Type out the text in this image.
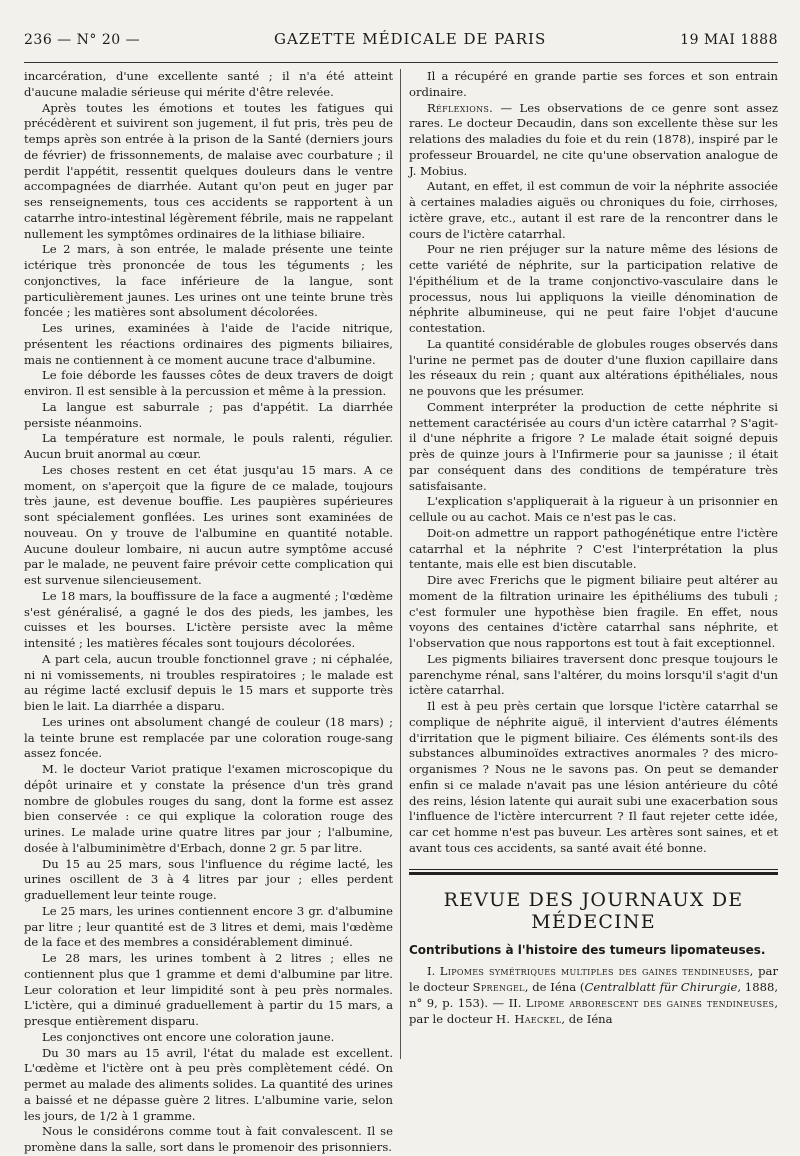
236 — N° 20 —	GAZETTE MÉDICALE DE PARIS	19 MAI 1888

incarcération, d'une excellente santé ; il n'a été atteint d'aucune maladie sérieuse qui mérite d'être relevée.

Après toutes les émotions et toutes les fatigues qui précédèrent et suivirent son jugement, il fut pris, très peu de temps après son entrée à la prison de la Santé (derniers jours de février) de frissonnements, de malaise avec courbature ; il perdit l'appétit, ressentit quelques douleurs dans le ventre accompagnées de diarrhée. Autant qu'on peut en juger par ses renseignements, tous ces accidents se rapportent à un catarrhe intro-intestinal légèrement fébrile, mais ne rappelant nullement les symptômes ordinaires de la lithiase biliaire.

Le 2 mars, à son entrée, le malade présente une teinte ictérique très prononcée de tous les téguments ; les conjonctives, la face inférieure de la langue, sont particulièrement jaunes. Les urines ont une teinte brune très foncée ; les matières sont absolument décolorées.

Les urines, examinées à l'aide de l'acide nitrique, présentent les réactions ordinaires des pigments biliaires, mais ne contiennent à ce moment aucune trace d'albumine.

Le foie déborde les fausses côtes de deux travers de doigt environ. Il est sensible à la percussion et même à la pression.

La langue est saburrale ; pas d'appétit. La diarrhée persiste néanmoins.

La température est normale, le pouls ralenti, régulier. Aucun bruit anormal au cœur.

Les choses restent en cet état jusqu'au 15 mars. A ce moment, on s'aperçoit que la figure de ce malade, toujours très jaune, est devenue bouffie. Les paupières supérieures sont spécialement gonflées. Les urines sont examinées de nouveau. On y trouve de l'albumine en quantité notable. Aucune douleur lombaire, ni aucun autre symptôme accusé par le malade, ne peuvent faire prévoir cette complication qui est survenue silencieusement.

Le 18 mars, la bouffissure de la face a augmenté ; l'œdème s'est généralisé, a gagné le dos des pieds, les jambes, les cuisses et les bourses. L'ictère persiste avec la même intensité ; les matières fécales sont toujours décolorées.

A part cela, aucun trouble fonctionnel grave ; ni céphalée, ni ni vomissements, ni troubles respiratoires ; le malade est au régime lacté exclusif depuis le 15 mars et supporte très bien le lait. La diarrhée a disparu.

Les urines ont absolument changé de couleur (18 mars) ; la teinte brune est remplacée par une coloration rouge-sang assez foncée.

M. le docteur Variot pratique l'examen microscopique du dépôt urinaire et y constate la présence d'un très grand nombre de globules rouges du sang, dont la forme est assez bien conservée : ce qui explique la coloration rouge des urines. Le malade urine quatre litres par jour ; l'albumine, dosée à l'albuminimètre d'Erbach, donne 2 gr. 5 par litre.

Du 15 au 25 mars, sous l'influence du régime lacté, les urines oscillent de 3 à 4 litres par jour ; elles perdent graduellement leur teinte rouge.

Le 25 mars, les urines contiennent encore 3 gr. d'albumine par litre ; leur quantité est de 3 litres et demi, mais l'œdème de la face et des membres a considérablement diminué.

Le 28 mars, les urines tombent à 2 litres ; elles ne contiennent plus que 1 gramme et demi d'albumine par litre. Leur coloration et leur limpidité sont à peu près normales. L'ictère, qui a diminué graduellement à partir du 15 mars, a presque entièrement disparu.

Les conjonctives ont encore une coloration jaune.

Du 30 mars au 15 avril, l'état du malade est excellent. L'œdème et l'ictère ont à peu près complètement cédé. On permet au malade des aliments solides. La quantité des urines a baissé et ne dépasse guère 2 litres. L'albumine varie, selon les jours, de 1/2 à 1 gramme.

Nous le considérons comme tout à fait convalescent. Il se promène dans la salle, sort dans le promenoir des prisonniers.

Il a récupéré en grande partie ses forces et son entrain ordinaire.

Réflexions. — Les observations de ce genre sont assez rares. Le docteur Decaudin, dans son excellente thèse sur les relations des maladies du foie et du rein (1878), inspiré par le professeur Brouardel, ne cite qu'une observation analogue de J. Mobius.

Autant, en effet, il est commun de voir la néphrite associée à certaines maladies aiguës ou chroniques du foie, cirrhoses, ictère grave, etc., autant il est rare de la rencontrer dans le cours de l'ictère catarrhal.

Pour ne rien préjuger sur la nature même des lésions de cette variété de néphrite, sur la participation relative de l'épithélium et de la trame conjonctivo-vasculaire dans le processus, nous lui appliquons la vieille dénomination de néphrite albumineuse, qui ne peut faire l'objet d'aucune contestation.

La quantité considérable de globules rouges observés dans l'urine ne permet pas de douter d'une fluxion capillaire dans les réseaux du rein ; quant aux altérations épithéliales, nous ne pouvons que les présumer.

Comment interpréter la production de cette néphrite si nettement caractérisée au cours d'un ictère catarrhal ? S'agit-il d'une néphrite a frigore ? Le malade était soigné depuis près de quinze jours à l'Infirmerie pour sa jaunisse ; il était par conséquent dans des conditions de température très satisfaisante.

L'explication s'appliquerait à la rigueur à un prisonnier en cellule ou au cachot. Mais ce n'est pas le cas.

Doit-on admettre un rapport pathogénétique entre l'ictère catarrhal et la néphrite ? C'est l'interprétation la plus tentante, mais elle est bien discutable.

Dire avec Frerichs que le pigment biliaire peut altérer au moment de la filtration urinaire les épithéliums des tubuli ; c'est formuler une hypothèse bien fragile. En effet, nous voyons des centaines d'ictère catarrhal sans néphrite, et l'observation que nous rapportons est tout à fait exceptionnel.

Les pigments biliaires traversent donc presque toujours le parenchyme rénal, sans l'altérer, du moins lorsqu'il s'agit d'un ictère catarrhal.

Il est à peu près certain que lorsque l'ictère catarrhal se complique de néphrite aiguë, il intervient d'autres éléments d'irritation que le pigment biliaire. Ces éléments sont-ils des substances albuminoïdes extractives anormales ? des micro-organismes ? Nous ne le savons pas. On peut se demander enfin si ce malade n'avait pas une lésion antérieure du côté des reins, lésion latente qui aurait subi une exacerbation sous l'influence de l'ictère intercurrent ? Il faut rejeter cette idée, car cet homme n'est pas buveur. Les artères sont saines, et et avant tous ces accidents, sa santé avait été bonne.

REVUE DES JOURNAUX DE MÉDECINE

Contributions à l'histoire des tumeurs lipomateuses.

I. Lipomes symétriques multiples des gaines tendineuses, par le docteur Sprengel, de Iéna (Centralblatt für Chirurgie, 1888, n° 9, p. 153). — II. Lipome arborescent des gaines tendineuses, par le docteur H. Haeckel, de Iéna
